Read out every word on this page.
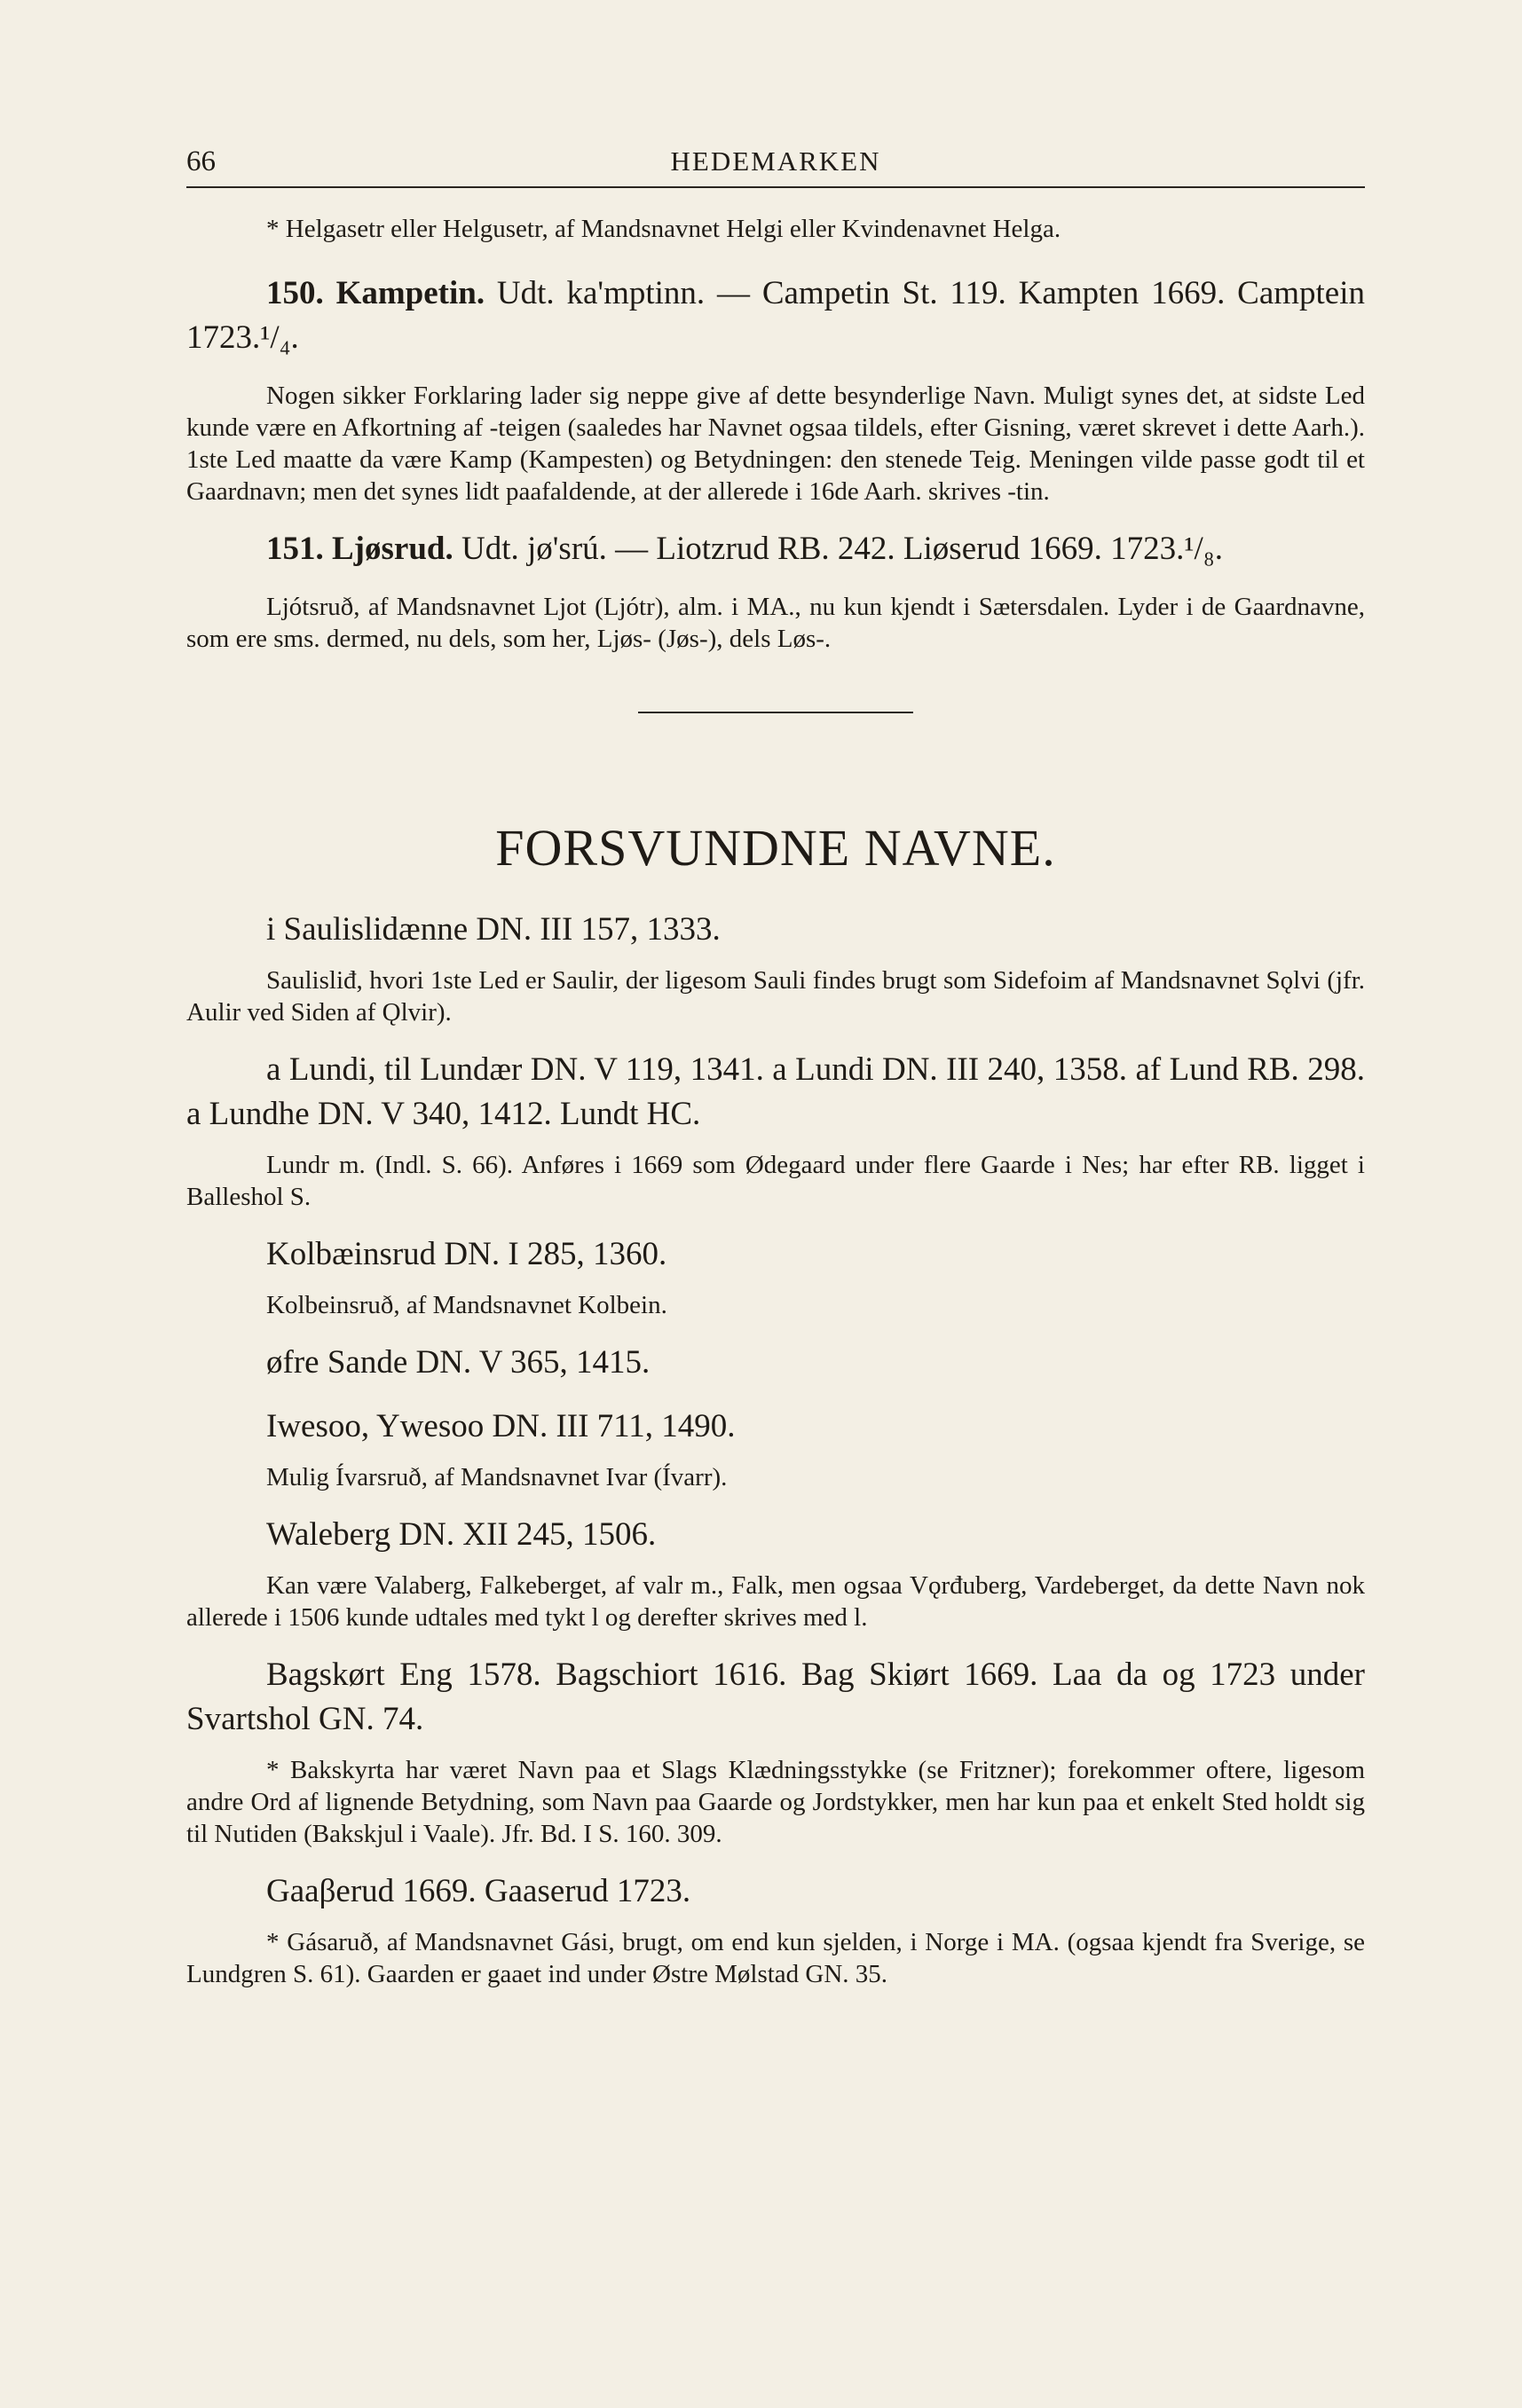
66	HEDEMARKEN

* Helgasetr eller Helgusetr, af Mandsnavnet Helgi eller Kvindenavnet Helga.

150. Kampetin. Udt. ka'mptinn. — Campetin St. 119. Kampten 1669. Camptein 1723.¹/₄.

Nogen sikker Forklaring lader sig neppe give af dette besynderlige Navn. Muligt synes det, at sidste Led kunde være en Afkortning af -teigen (saaledes har Navnet ogsaa tildels, efter Gisning, været skrevet i dette Aarh.). 1ste Led maatte da være Kamp (Kampesten) og Betydningen: den stenede Teig. Meningen vilde passe godt til et Gaardnavn; men det synes lidt paafaldende, at der allerede i 16de Aarh. skrives -tin.

151. Ljøsrud. Udt. jø'srú. — Liotzrud RB. 242. Liøserud 1669. 1723.¹/₈.

Ljótsruð, af Mandsnavnet Ljot (Ljótr), alm. i MA., nu kun kjendt i Sætersdalen. Lyder i de Gaardnavne, som ere sms. dermed, nu dels, som her, Ljøs- (Jøs-), dels Løs-.

FORSVUNDNE NAVNE.

i Saulislidænne DN. III 157, 1333.

Saulisliđ, hvori 1ste Led er Saulir, der ligesom Sauli findes brugt som Sidefoim af Mandsnavnet Sǫlvi (jfr. Aulir ved Siden af Ǫlvir).

a Lundi, til Lundær DN. V 119, 1341. a Lundi DN. III 240, 1358. af Lund RB. 298. a Lundhe DN. V 340, 1412. Lundt HC.

Lundr m. (Indl. S. 66). Anføres i 1669 som Ødegaard under flere Gaarde i Nes; har efter RB. ligget i Balleshol S.

Kolbæinsrud DN. I 285, 1360.

Kolbeinsruð, af Mandsnavnet Kolbein.

øfre Sande DN. V 365, 1415.

Iwesoo, Ywesoo DN. III 711, 1490.

Mulig Ívarsruð, af Mandsnavnet Ivar (Ívarr).

Waleberg DN. XII 245, 1506.

Kan være Valaberg, Falkeberget, af valr m., Falk, men ogsaa Vǫrđuberg, Vardeberget, da dette Navn nok allerede i 1506 kunde udtales med tykt l og derefter skrives med l.

Bagskørt Eng 1578. Bagschiort 1616. Bag Skiørt 1669. Laa da og 1723 under Svartshol GN. 74.

* Bakskyrta har været Navn paa et Slags Klædningsstykke (se Fritzner); forekommer oftere, ligesom andre Ord af lignende Betydning, som Navn paa Gaarde og Jordstykker, men har kun paa et enkelt Sted holdt sig til Nutiden (Bakskjul i Vaale). Jfr. Bd. I S. 160. 309.

Gaaβerud 1669. Gaaserud 1723.

* Gásaruð, af Mandsnavnet Gási, brugt, om end kun sjelden, i Norge i MA. (ogsaa kjendt fra Sverige, se Lundgren S. 61). Gaarden er gaaet ind under Østre Mølstad GN. 35.
